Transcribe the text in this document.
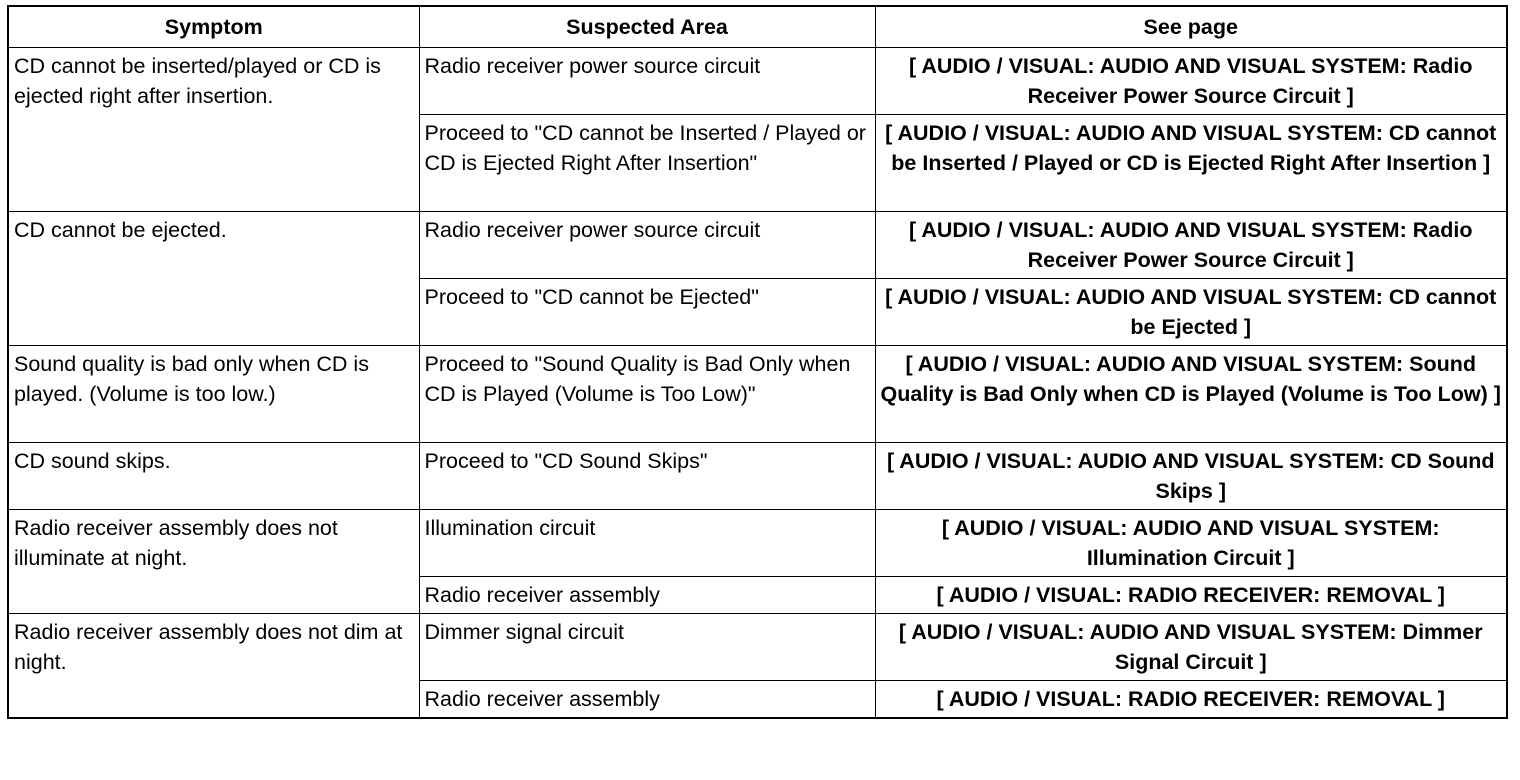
Symptom	Suspected Area	See page
CD cannot be inserted/played or CD is ejected right after insertion.	Radio receiver power source circuit	[ AUDIO / VISUAL: AUDIO AND VISUAL SYSTEM: Radio Receiver Power Source Circuit ]
	Proceed to "CD cannot be Inserted / Played or CD is Ejected Right After Insertion"	[ AUDIO / VISUAL: AUDIO AND VISUAL SYSTEM: CD cannot be Inserted / Played or CD is Ejected Right After Insertion ]
CD cannot be ejected.	Radio receiver power source circuit	[ AUDIO / VISUAL: AUDIO AND VISUAL SYSTEM: Radio Receiver Power Source Circuit ]
	Proceed to "CD cannot be Ejected"	[ AUDIO / VISUAL: AUDIO AND VISUAL SYSTEM: CD cannot be Ejected ]
Sound quality is bad only when CD is played. (Volume is too low.)	Proceed to "Sound Quality is Bad Only when CD is Played (Volume is Too Low)"	[ AUDIO / VISUAL: AUDIO AND VISUAL SYSTEM: Sound Quality is Bad Only when CD is Played (Volume is Too Low) ]
CD sound skips.	Proceed to "CD Sound Skips"	[ AUDIO / VISUAL: AUDIO AND VISUAL SYSTEM: CD Sound Skips ]
Radio receiver assembly does not illuminate at night.	Illumination circuit	[ AUDIO / VISUAL: AUDIO AND VISUAL SYSTEM: Illumination Circuit ]
	Radio receiver assembly	[ AUDIO / VISUAL: RADIO RECEIVER: REMOVAL ]
Radio receiver assembly does not dim at night.	Dimmer signal circuit	[ AUDIO / VISUAL: AUDIO AND VISUAL SYSTEM: Dimmer Signal Circuit ]
	Radio receiver assembly	[ AUDIO / VISUAL: RADIO RECEIVER: REMOVAL ]
